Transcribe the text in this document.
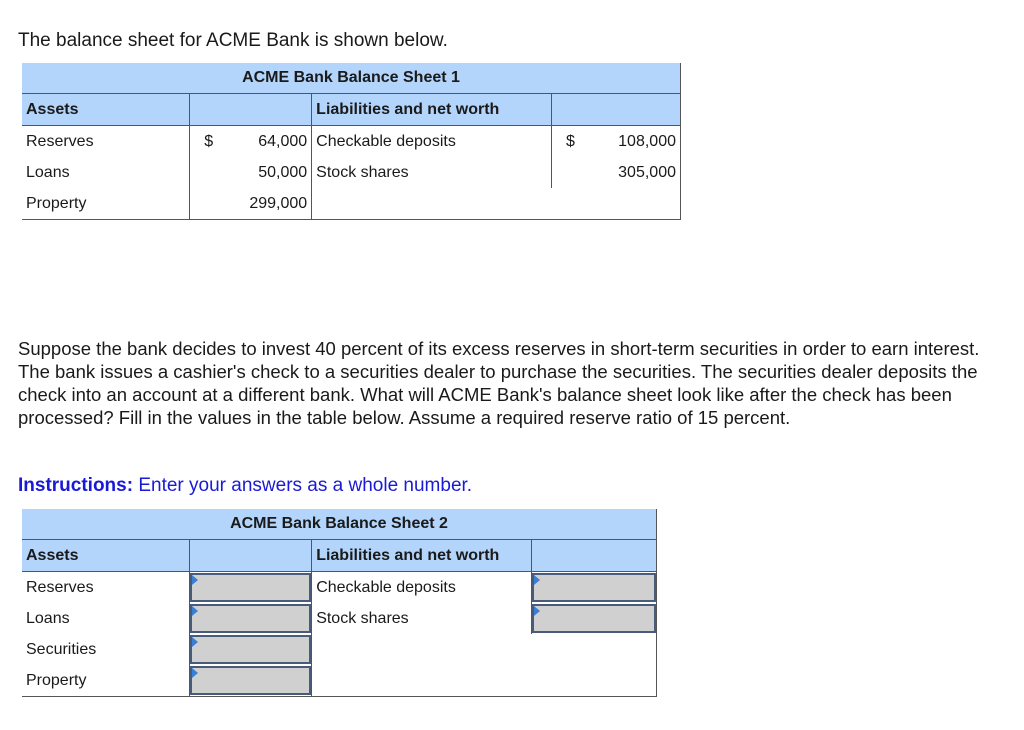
The balance sheet for ACME Bank is shown below.
ACME Bank Balance Sheet 1					
Assets			Liabilities and net worth		
Reserves	$	64,000	Checkable deposits	$	108,000
Loans		50,000	Stock shares		305,000
Property		299,000			
Suppose the bank decides to invest 40 percent of its excess reserves in short-term securities in order to earn interest. The bank issues a cashier's check to a securities dealer to purchase the securities. The securities dealer deposits the check into an account at a different bank. What will ACME Bank's balance sheet look like after the check has been processed? Fill in the values in the table below. Assume a required reserve ratio of 15 percent.
Instructions: Enter your answers as a whole number.
ACME Bank Balance Sheet 2			
Assets		Liabilities and net worth	
Reserves		Checkable deposits	

Loans		Stock shares	

Securities	

Property	
